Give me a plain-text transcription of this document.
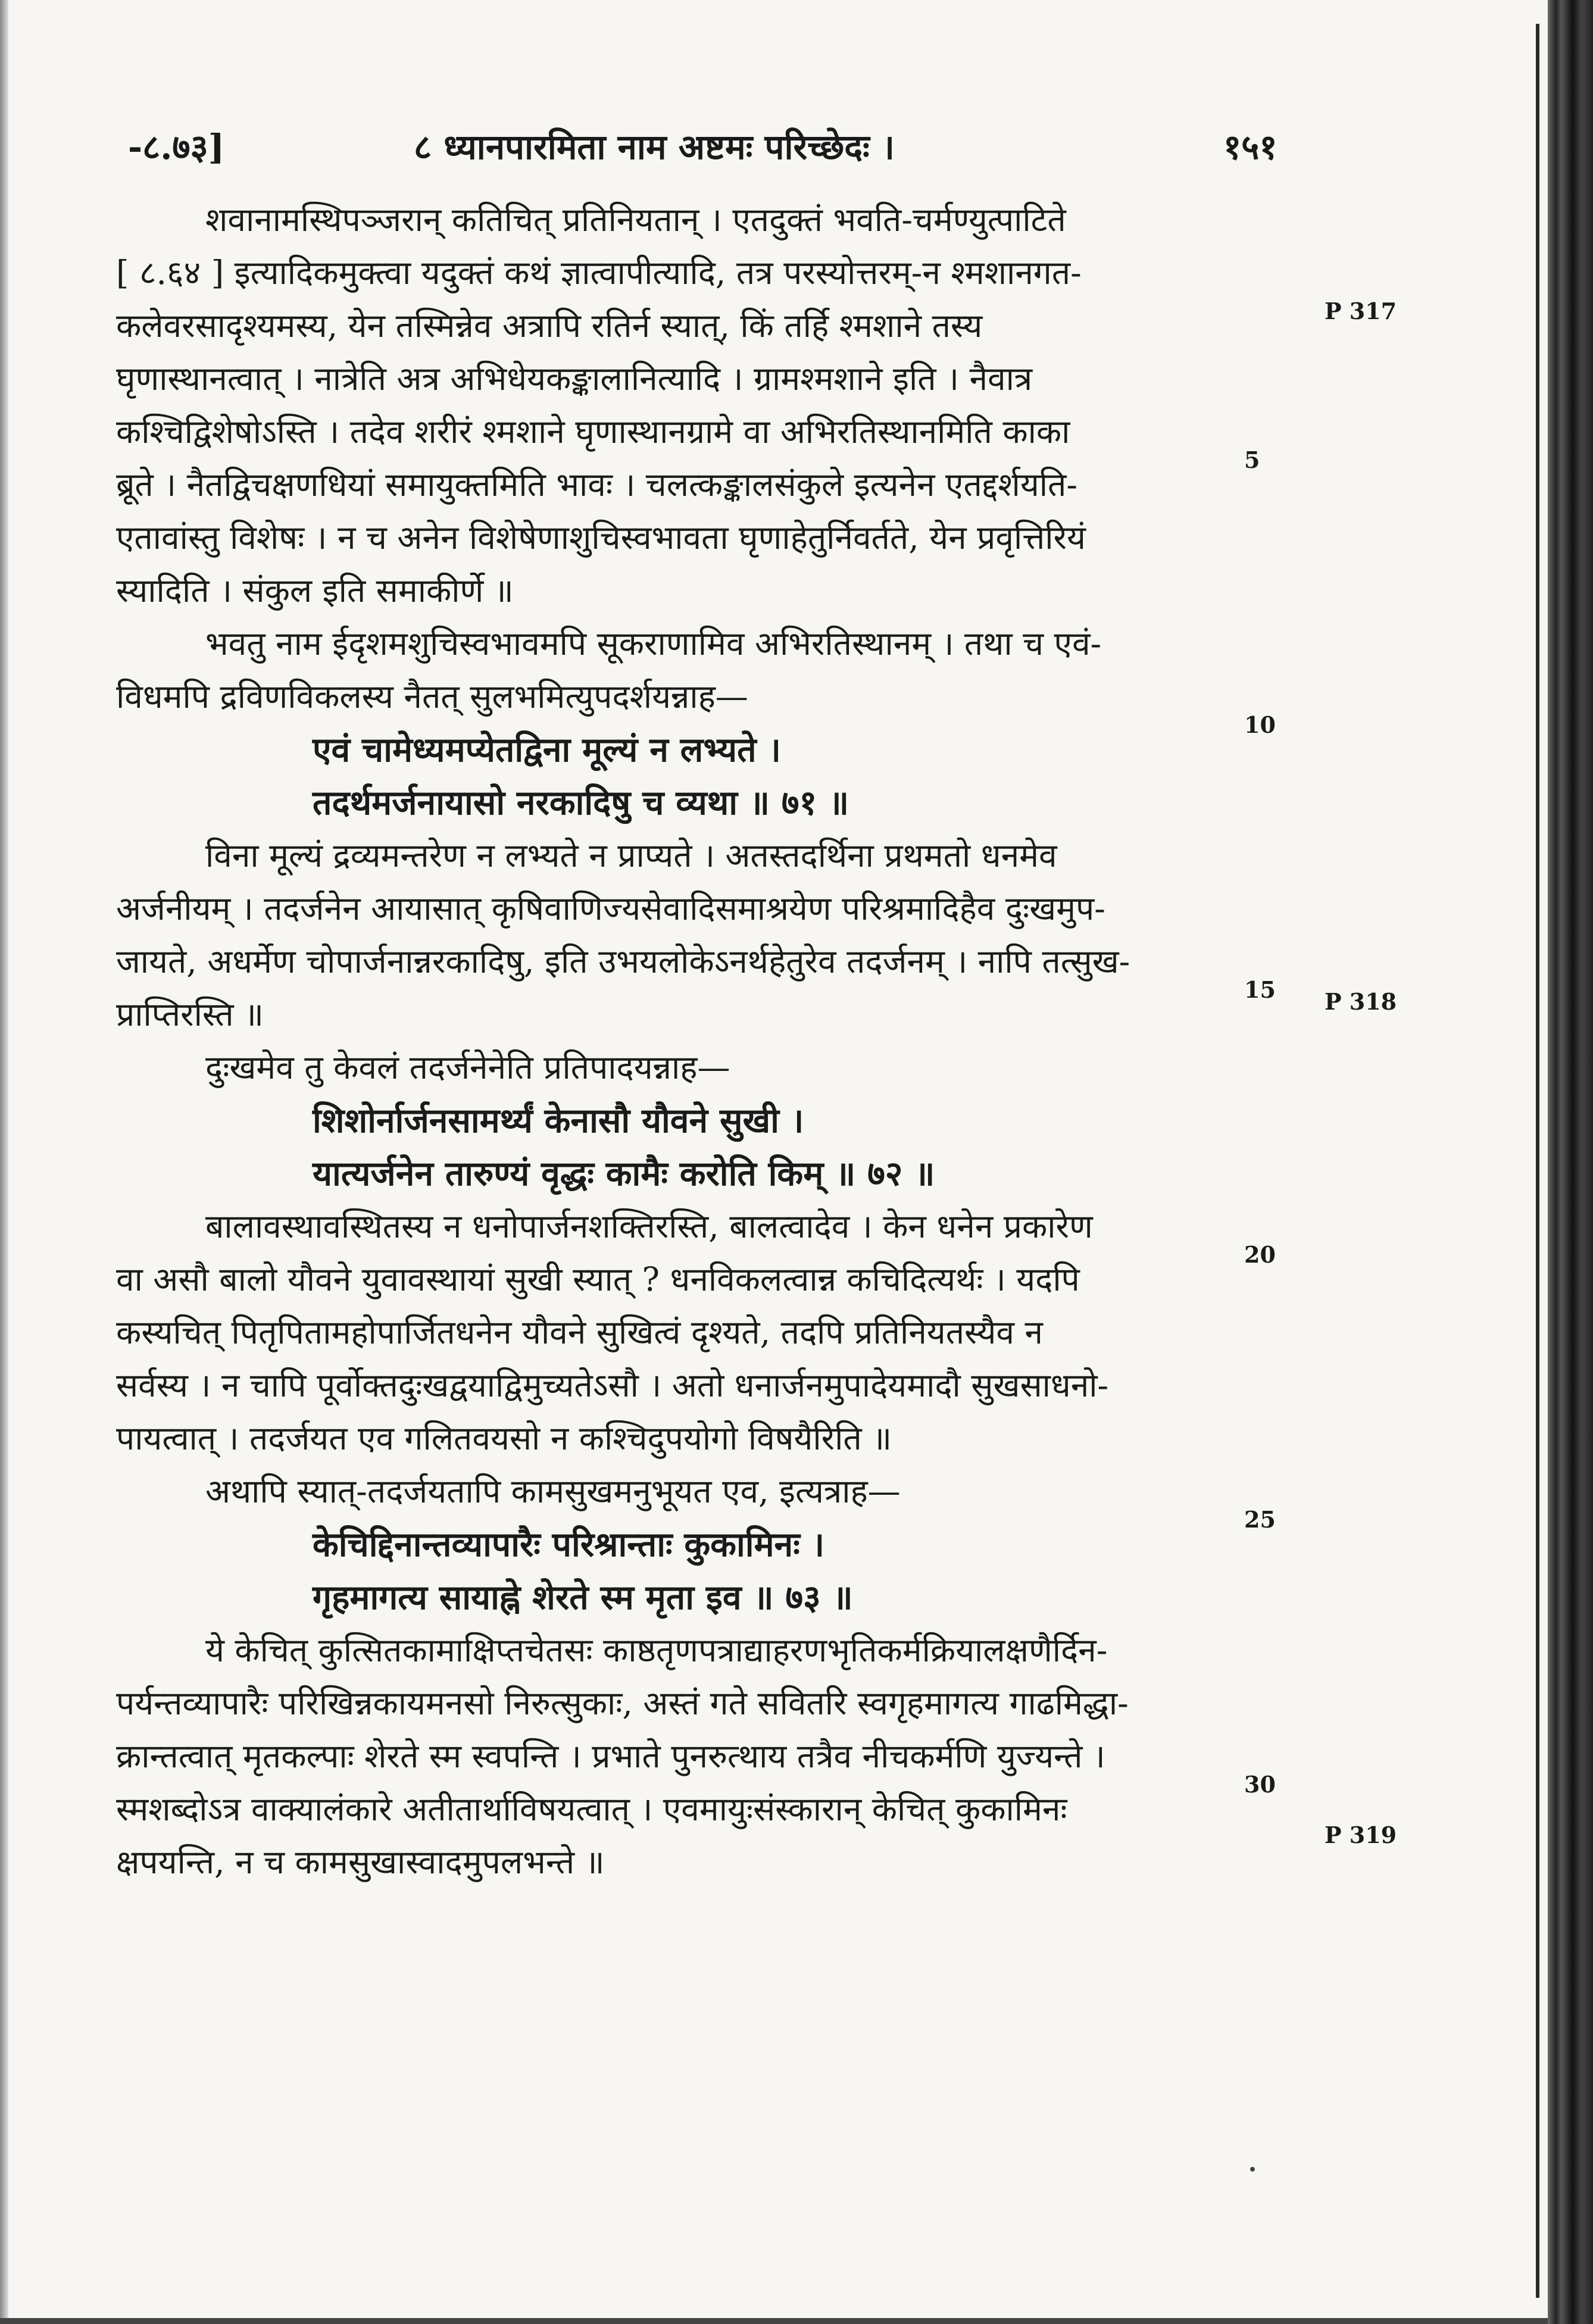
-८.७३]	८ ध्यानपारमिता नाम अष्टमः परिच्छेदः ।	१५१
शवानामस्थिपञ्जरान् कतिचित् प्रतिनियतान् । एतदुक्तं भवति-चर्मण्युत्पाटिते
[ ८.६४ ] इत्यादिकमुक्त्वा यदुक्तं कथं ज्ञात्वापीत्यादि, तत्र परस्योत्तरम्-न श्मशानगत-
कलेवरसादृश्यमस्य, येन तस्मिन्नेव अत्रापि रतिर्न स्यात्, किं तर्हि श्मशाने तस्य
घृणास्थानत्वात् । नात्रेति अत्र अभिधेयकङ्कालानित्यादि । ग्रामश्मशाने इति । नैवात्र
कश्चिद्विशेषोऽस्ति । तदेव शरीरं श्मशाने घृणास्थानग्रामे वा अभिरतिस्थानमिति काका
ब्रूते । नैतद्विचक्षणधियां समायुक्तमिति भावः । चलत्कङ्कालसंकुले इत्यनेन एतद्दर्शयति-
एतावांस्तु विशेषः । न च अनेन विशेषेणाशुचिस्वभावता घृणाहेतुर्निवर्तते, येन प्रवृत्तिरियं
स्यादिति । संकुल इति समाकीर्णे ॥
भवतु नाम ईदृशमशुचिस्वभावमपि सूकराणामिव अभिरतिस्थानम् । तथा च एवं-
विधमपि द्रविणविकलस्य नैतत् सुलभमित्युपदर्शयन्नाह—
एवं चामेध्यमप्येतद्विना मूल्यं न लभ्यते ।
तदर्थमर्जनायासो नरकादिषु च व्यथा ॥ ७१ ॥
विना मूल्यं द्रव्यमन्तरेण न लभ्यते न प्राप्यते । अतस्तदर्थिना प्रथमतो धनमेव
अर्जनीयम् । तदर्जनेन आयासात् कृषिवाणिज्यसेवादिसमाश्रयेण परिश्रमादिहैव दुःखमुप-
जायते, अधर्मेण चोपार्जनान्नरकादिषु, इति उभयलोकेऽनर्थहेतुरेव तदर्जनम् । नापि तत्सुख-
प्राप्तिरस्ति ॥
दुःखमेव तु केवलं तदर्जनेनेति प्रतिपादयन्नाह—
शिशोर्नार्जनसामर्थ्यं केनासौ यौवने सुखी ।
यात्यर्जनेन तारुण्यं वृद्धः कामैः करोति किम् ॥ ७२ ॥
बालावस्थावस्थितस्य न धनोपार्जनशक्तिरस्ति, बालत्वादेव । केन धनेन प्रकारेण
वा असौ बालो यौवने युवावस्थायां सुखी स्यात् ? धनविकलत्वान्न कचिदित्यर्थः । यदपि
कस्यचित् पितृपितामहोपार्जितधनेन यौवने सुखित्वं दृश्यते, तदपि प्रतिनियतस्यैव न
सर्वस्य । न चापि पूर्वोक्तदुःखद्वयाद्विमुच्यतेऽसौ । अतो धनार्जनमुपादेयमादौ सुखसाधनो-
पायत्वात् । तदर्जयत एव गलितवयसो न कश्चिदुपयोगो विषयैरिति ॥
अथापि स्यात्-तदर्जयतापि कामसुखमनुभूयत एव, इत्यत्राह—
केचिद्दिनान्तव्यापारैः परिश्रान्ताः कुकामिनः ।
गृहमागत्य सायाह्ने शेरते स्म मृता इव ॥ ७३ ॥
ये केचित् कुत्सितकामाक्षिप्तचेतसः काष्ठतृणपत्राद्याहरणभृतिकर्मक्रियालक्षणैर्दिन-
पर्यन्तव्यापारैः परिखिन्नकायमनसो निरुत्सुकाः, अस्तं गते सवितरि स्वगृहमागत्य गाढमिद्धा-
क्रान्तत्वात् मृतकल्पाः शेरते स्म स्वपन्ति । प्रभाते पुनरुत्थाय तत्रैव नीचकर्मणि युज्यन्ते ।
स्मशब्दोऽत्र वाक्यालंकारे अतीतार्थाविषयत्वात् । एवमायुःसंस्कारान् केचित् कुकामिनः
क्षपयन्ति, न च कामसुखास्वादमुपलभन्ते ॥
5
10
15
20
25
30
P 317
P 318
P 319
